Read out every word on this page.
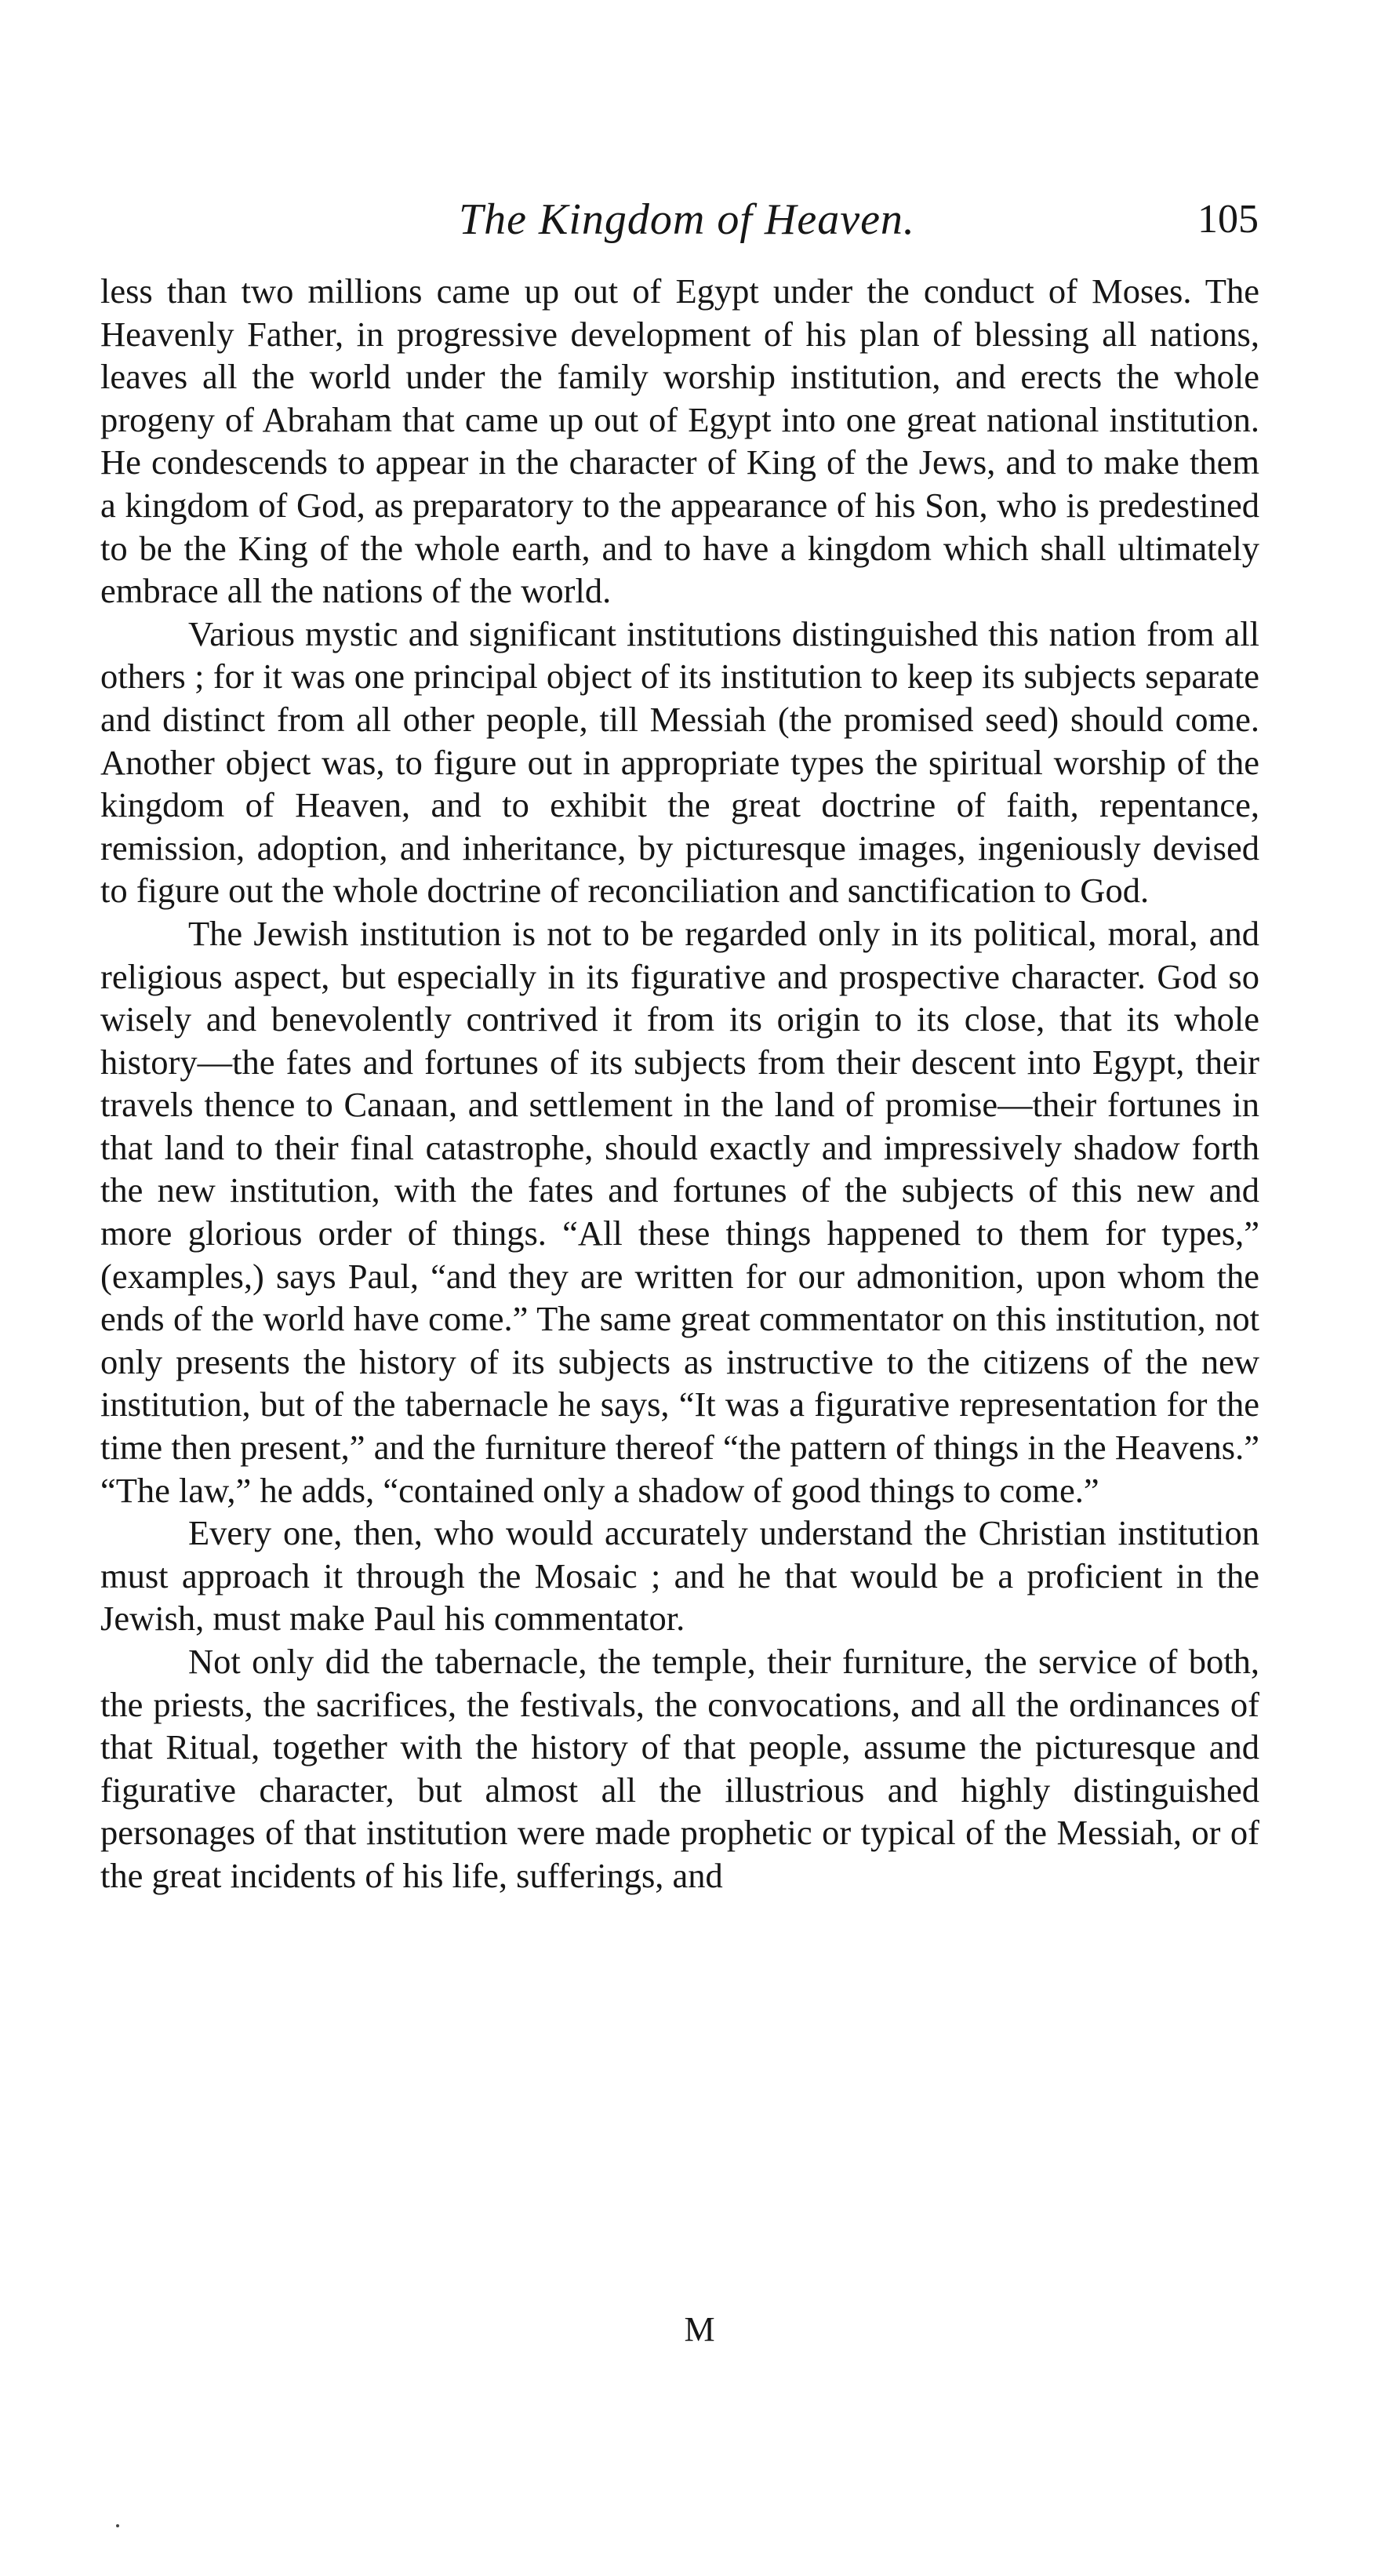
The Kingdom of Heaven.	105

less than two millions came up out of Egypt under the conduct of Moses. The Heavenly Father, in progressive development of his plan of blessing all nations, leaves all the world under the family worship institution, and erects the whole progeny of Abraham that came up out of Egypt into one great national institution. He condescends to appear in the character of King of the Jews, and to make them a kingdom of God, as preparatory to the appearance of his Son, who is predestined to be the King of the whole earth, and to have a kingdom which shall ultimately embrace all the nations of the world.

Various mystic and significant institutions distinguished this nation from all others ; for it was one principal object of its institution to keep its subjects separate and distinct from all other people, till Messiah (the promised seed) should come. Another object was, to figure out in appropriate types the spiritual worship of the kingdom of Heaven, and to exhibit the great doctrine of faith, repentance, remission, adoption, and inheritance, by picturesque images, ingeniously devised to figure out the whole doctrine of reconciliation and sanctification to God.

The Jewish institution is not to be regarded only in its political, moral, and religious aspect, but especially in its figurative and prospective character. God so wisely and benevolently contrived it from its origin to its close, that its whole history—the fates and fortunes of its subjects from their descent into Egypt, their travels thence to Canaan, and settlement in the land of promise—their fortunes in that land to their final catastrophe, should exactly and impressively shadow forth the new institution, with the fates and fortunes of the subjects of this new and more glorious order of things. “All these things happened to them for types,” (examples,) says Paul, “and they are written for our admonition, upon whom the ends of the world have come.” The same great commentator on this institution, not only presents the history of its subjects as instructive to the citizens of the new institution, but of the tabernacle he says, “It was a figurative representation for the time then present,” and the furniture thereof “the pattern of things in the Heavens.” “The law,” he adds, “contained only a shadow of good things to come.”

Every one, then, who would accurately understand the Christian institution must approach it through the Mosaic ; and he that would be a proficient in the Jewish, must make Paul his commentator.

Not only did the tabernacle, the temple, their furniture, the service of both, the priests, the sacrifices, the festivals, the convocations, and all the ordinances of that Ritual, together with the history of that people, assume the picturesque and figurative character, but almost all the illustrious and highly distinguished personages of that institution were made prophetic or typical of the Messiah, or of the great incidents of his life, sufferings, and

M
